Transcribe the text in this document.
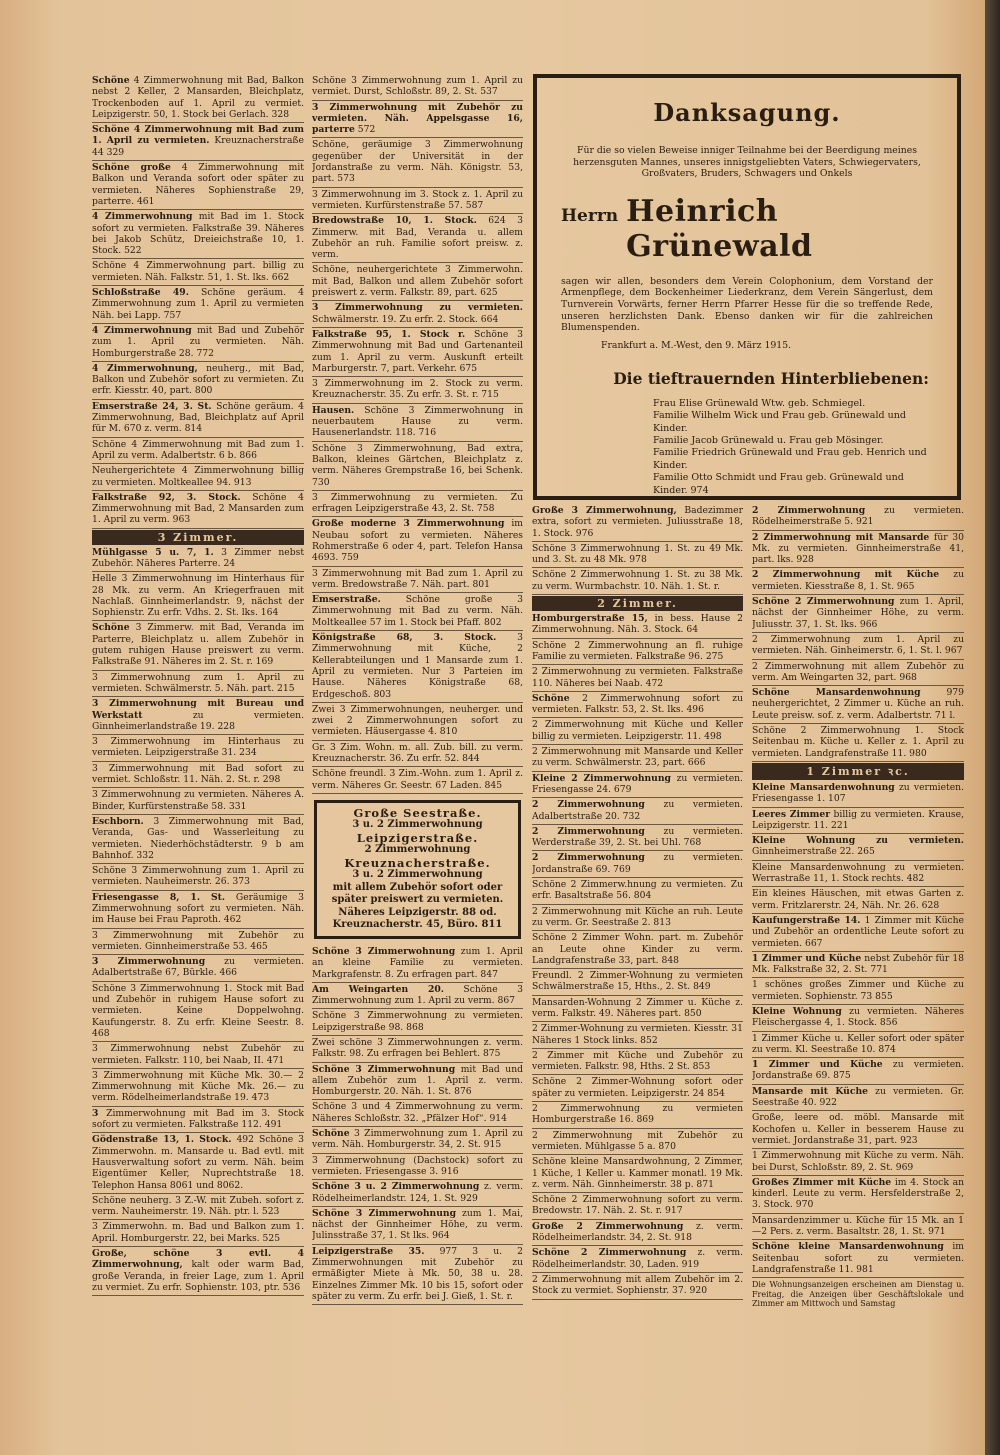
Danksagung.
Für die so vielen Beweise inniger Teilnahme bei der Beerdigung meines herzensguten Mannes, unseres innigstgeliebten Vaters, Schwiegervaters, Großvaters, Bruders, Schwagers und Onkels
Herrn Heinrich Grünewald
sagen wir allen, besonders dem Verein Colophonium, dem Vorstand der Armenpflege, dem Bockenheimer Liederkranz, dem Verein Sängerlust, dem Turnverein Vorwärts, ferner Herrn Pfarrer Hesse für die so treffende Rede, unseren herzlichsten Dank. Ebenso danken wir für die zahlreichen Blumenspenden.
Frankfurt a. M.-West, den 9. März 1915.
Die tieftrauernden Hinterbliebenen:
Frau Elise Grünewald Wtw. geb. Schmiegel.
Familie Wilhelm Wick und Frau geb. Grünewald und Kinder.
Familie Jacob Grünewald u. Frau geb Mösinger.
Familie Friedrich Grünewald und Frau geb. Henrich und Kinder.
Familie Otto Schmidt und Frau geb. Grünewald und Kinder. 974
Schöne 4 Zimmerwohnung mit Bad, Balkon nebst 2 Keller, 2 Mansarden, Bleichplatz, Trockenboden auf 1. April zu vermiet. Leipzigerstr. 50, 1. Stock bei Gerlach. 328
Schöne 4 Zimmerwohnung mit Bad zum 1. April zu vermieten. Kreuznacherstraße 44 329
Schöne große 4 Zimmerwohnung mit Balkon und Veranda sofort oder später zu vermieten. Näheres Sophienstraße 29, parterre. 461
4 Zimmerwohnung mit Bad im 1. Stock sofort zu vermieten. Falkstraße 39. Näheres bei Jakob Schütz, Dreieichstraße 10, 1. Stock. 522
Schöne 4 Zimmerwohnung part. billig zu vermieten. Näh. Falkstr. 51, 1. St. lks. 662
Schloßstraße 49. Schöne geräum. 4 Zimmerwohnung zum 1. April zu vermieten Näh. bei Lapp. 757
4 Zimmerwohnung mit Bad und Zubehör zum 1. April zu vermieten. Näh. Homburgerstraße 28. 772
4 Zimmerwohnung, neuherg., mit Bad, Balkon und Zubehör sofort zu vermieten. Zu erfr. Kiesstr. 40, part. 800
Emserstraße 24, 3. St. Schöne geräum. 4 Zimmerwohnung, Bad, Bleichplatz auf April für M. 670 z. verm. 814
Schöne 4 Zimmerwohnung mit Bad zum 1. April zu verm. Adalbertstr. 6 b. 866
Neuhergerichtete 4 Zimmerwohnung billig zu vermieten. Moltkeallee 94. 913
Falkstraße 92, 3. Stock. Schöne 4 Zimmerwohnung mit Bad, 2 Mansarden zum 1. April zu verm. 963
3 Zimmer.
Mühlgasse 5 u. 7, 1. 3 Zimmer nebst Zubehör. Näheres Parterre. 24
Helle 3 Zimmerwohnung im Hinterhaus für 28 Mk. zu verm. An Kriegerfrauen mit Nachlaß. Ginnheimerlandstr. 9, nächst der Sophienstr. Zu erfr. Vdhs. 2. St. lks. 164
Schöne 3 Zimmerw. mit Bad, Veranda im Parterre, Bleichplatz u. allem Zubehör in gutem ruhigen Hause preiswert zu verm. Falkstraße 91. Näheres im 2. St. r. 169
3 Zimmerwohnung zum 1. April zu vermieten. Schwälmerstr. 5. Näh. part. 215
3 Zimmerwohnung mit Bureau und Werkstatt	zu vermieten. Ginnheimerlandstraße 19. 228
3 Zimmerwohnung im Hinterhaus zu vermieten. Leipzigerstraße 31. 234
3 Zimmerwohnung mit Bad sofort zu vermiet. Schloßstr. 11. Näh. 2. St. r. 298
3 Zimmerwohnung zu vermieten. Näheres A. Binder, Kurfürstenstraße 58. 331
Eschborn. 3 Zimmerwohnung mit Bad, Veranda, Gas- und Wasserleitung zu vermieten. Niederhöchstädterstr. 9 b am Bahnhof. 332
Schöne 3 Zimmerwohnung zum 1. April zu vermieten. Nauheimerstr. 26. 373
Friesengasse 8, 1. St. Geräumige 3 Zimmerwohnung sofort zu vermieten. Näh. im Hause bei Frau Paproth. 462
3 Zimmerwohnung mit Zubehör zu vermieten. Ginnheimerstraße 53. 465
3 Zimmerwohnung zu vermieten. Adalbertstraße 67, Bürkle. 466
Schöne 3 Zimmerwohnung 1. Stock mit Bad und Zubehör in ruhigem Hause sofort zu vermieten. Keine Doppelwohng. Kaufungerstr. 8. Zu erfr. Kleine Seestr. 8. 468
3 Zimmerwohnung nebst Zubehör zu vermieten. Falkstr. 110, bei Naab, II. 471
3 Zimmerwohnung mit Küche Mk. 30.— 2 Zimmerwohnung mit Küche Mk. 26.— zu verm. Rödelheimerlandstraße 19. 473
3 Zimmerwohnung mit Bad im 3. Stock sofort zu vermieten. Falkstraße 112. 491
Gödenstraße 13, 1. Stock. 492 Schöne 3 Zimmerwohn. m. Mansarde u. Bad evtl. mit Hausverwaltung sofort zu verm. Näh. beim Eigentümer Keller, Nuprechtstraße 18. Telephon Hansa 8061 und 8062.
Schöne neuherg. 3 Z.-W. mit Zubeh. sofort z. verm. Nauheimerstr. 19. Näh. ptr. l. 523
3 Zimmerwohn. m. Bad und Balkon zum 1. April. Homburgerstr. 22, bei Marks. 525
Große, schöne 3 evtl. 4 Zimmerwohnung, kalt oder warm Bad, große Veranda, in freier Lage, zum 1. April zu vermiet. Zu erfr. Sophienstr. 103, ptr. 536
Schöne 3 Zimmerwohnung zum 1. April zu vermiet. Durst, Schloßstr. 89, 2. St. 537
3 Zimmerwohnung mit Zubehör zu vermieten. Näh. Appelsgasse 16, parterre 572
Schöne, geräumige 3 Zimmerwohnung gegenüber der Universität in der Jordanstraße zu verm. Näh. Königstr. 53, part. 573
3 Zimmerwohnung im 3. Stock z. 1. April zu vermieten. Kurfürstenstraße 57. 587
Bredowstraße 10, 1. Stock. 624 3 Zimmerw. mit Bad, Veranda u. allem Zubehör an ruh. Familie sofort preisw. z. verm.
Schöne, neuhergerichtete 3 Zimmerwohn. mit Bad, Balkon und allem Zubehör sofort preiswert z. verm. Falkstr. 89, part. 625
3 Zimmerwohnung zu vermieten. Schwälmerstr. 19. Zu erfr. 2. Stock. 664
Falkstraße 95, 1. Stock r. Schöne 3 Zimmerwohnung mit Bad und Gartenanteil zum 1. April zu verm. Auskunft erteilt Marburgerstr. 7, part. Verkehr. 675
3 Zimmerwohnung im 2. Stock zu verm. Kreuznacherstr. 35. Zu erfr. 3. St. r. 715
Hausen. Schöne 3 Zimmerwohnung in neuerbautem Hause zu verm. Hausenerlandstr. 118. 716
Schöne 3 Zimmerwohnung, Bad extra, Balkon, kleines Gärtchen, Bleichplatz z. verm. Näheres Grempstraße 16, bei Schenk. 730
3 Zimmerwohnung zu vermieten. Zu erfragen Leipzigerstraße 43, 2. St. 758
Große moderne 3 Zimmerwohnung im Neubau sofort zu vermieten. Näheres Rohmerstraße 6 oder 4, part. Telefon Hansa 4693. 759
3 Zimmerwohnung mit Bad zum 1. April zu verm. Bredowstraße 7. Näh. part. 801
Emserstraße.	Schöne große 3 Zimmerwohnung mit Bad zu verm. Näh. Moltkeallee 57 im 1. Stock bei Pfaff. 802
Königstraße 68, 3. Stock. 3 Zimmerwohnung mit Küche, 2 Kellerabteilungen und 1 Mansarde zum 1. April zu vermieten. Nur 3 Parteien im Hause. Näheres Königstraße 68, Erdgeschoß. 803
Zwei 3 Zimmerwohnungen, neuherger. und zwei 2 Zimmerwohnungen sofort zu vermieten. Häusergasse 4. 810
Gr. 3 Zim. Wohn. m. all. Zub. bill. zu verm. Kreuznacherstr. 36. Zu erfr. 52. 844
Schöne freundl. 3 Zim.-Wohn. zum 1. April z. verm. Näheres Gr. Seestr. 67 Laden. 845
Große Seestraße.
3 u. 2 Zimmerwohnung
Leipzigerstraße.
2 Zimmerwohnung
Kreuznacherstraße.
3 u. 2 Zimmerwohnung
mit allem Zubehör sofort oder später preiswert zu vermieten.
Näheres Leipzigerstr. 88 od. Kreuznacherstr. 45, Büro. 811
Schöne 3 Zimmerwohnung zum 1. April an kleine Familie zu vermieten. Markgrafenstr. 8. Zu erfragen part. 847
Am Weingarten 20. Schöne 3 Zimmerwohnung zum 1. April zu verm. 867
Schöne 3 Zimmerwohnung zu vermieten. Leipzigerstraße 98. 868
Zwei schöne 3 Zimmerwohnungen z. verm. Falkstr. 98. Zu erfragen bei Behlert. 875
Schöne 3 Zimmerwohnung mit Bad und allem Zubehör zum 1. April z. verm. Homburgerstr. 20. Näh. 1. St. 876
Schöne 3 und 4 Zimmerwohnung zu verm. Näheres Schloßstr. 32. „Pfälzer Hof“. 914
Schöne 3 Zimmerwohnung zum 1. April zu verm. Näh. Homburgerstr. 34, 2. St. 915
3 Zimmerwohnung (Dachstock) sofort zu vermieten. Friesengasse 3. 916
Schöne 3 u. 2 Zimmerwohnung z. verm. Rödelheimerlandstr. 124, 1. St. 929
Schöne 3 Zimmerwohnung zum 1. Mai, nächst der Ginnheimer Höhe, zu verm. Julinsstraße 37, 1. St lks. 964
Leipzigerstraße 35. 977 3 u. 2 Zimmerwohnungen mit Zubehör zu ermäßigter Miete à Mk. 50, 38 u. 28. Einzelnes Zimmer Mk. 10 bis 15, sofort oder später zu verm. Zu erfr. bei J. Gieß, 1. St. r.
Große 3 Zimmerwohnung, Badezimmer extra, sofort zu vermieten. Juliusstraße 18, 1. Stock. 976
Schöne 3 Zimmerwohnung 1. St. zu 49 Mk. und 3. St. zu 48 Mk. 978
Schöne 2 Zimmerwohnung 1. St. zu 38 Mk. zu verm. Wurmbachstr. 10. Näh. 1. St. r.
2 Zimmer.
Homburgerstraße 15, in bess. Hause 2 Zimmerwohnung. Näh. 3. Stock. 64
Schöne 2 Zimmerwohnung an fl. ruhige Familie zu vermieten. Falkstraße 96. 275
2 Zimmerwohnung zu vermieten. Falkstraße 110. Näheres bei Naab. 472
Schöne 2 Zimmerwohnung sofort zu vermieten. Falkstr. 53, 2. St. lks. 496
2 Zimmerwohnung mit Küche und Keller billig zu vermieten. Leipzigerstr. 11. 498
2 Zimmerwohnung mit Mansarde und Keller zu verm. Schwälmerstr. 23, part. 666
Kleine 2 Zimmerwohnung zu vermieten. Friesengasse 24. 679
2 Zimmerwohnung zu vermieten. Adalbertstraße 20. 732
2 Zimmerwohnung zu vermieten. Werderstraße 39, 2. St. bei Uhl. 768
2 Zimmerwohnung zu vermieten. Jordanstraße 69. 769
Schöne 2 Zimmerw.hnung zu vermieten. Zu erfr. Basaltstraße 56. 804
2 Zimmerwohnung mit Küche an ruh. Leute zu verm. Gr. Seestraße 2. 813
Schöne 2 Zimmer Wohn. part. m. Zubehör an Leute ohne Kinder zu verm. Landgrafenstraße 33, part. 848
Freundl. 2 Zimmer-Wohnung zu vermieten Schwälmerstraße 15, Hths., 2. St. 849
Mansarden-Wohnung 2 Zimmer u. Küche z. verm. Falkstr. 49. Näheres part. 850
2 Zimmer-Wohnung zu vermieten. Kiesstr. 31 Näheres 1 Stock links. 852
2 Zimmer mit Küche und Zubehör zu vermieten. Falkstr. 98, Hths. 2 St. 853
Schöne 2 Zimmer-Wohnung sofort oder später zu vermieten. Leipzigerstr. 24 854
2 Zimmerwohnung zu vermieten Homburgerstraße 16. 869
2 Zimmerwohnung mit Zubehör zu vermieten. Mühlgasse 5 a. 870
Schöne kleine Mansardwohnung, 2 Zimmer, 1 Küche, 1 Keller u. Kammer monatl. 19 Mk. z. verm. Näh. Ginnheimerstr. 38 p. 871
Schöne 2 Zimmerwohnung sofort zu verm. Bredowstr. 17. Näh. 2. St. r. 917
Große 2 Zimmerwohnung z. verm. Rödelheimerlandstr. 34, 2. St. 918
Schöne 2 Zimmerwohnung z. verm. Rödelheimerlandstr. 30, Laden. 919
2 Zimmerwohnung mit allem Zubehör im 2. Stock zu vermiet. Sophienstr. 37. 920
2 Zimmerwohnung zu vermieten. Rödelheimerstraße 5. 921
2 Zimmerwohnung mit Mansarde für 30 Mk. zu vermieten. Ginnheimerstraße 41, part. lks. 928
2 Zimmerwohnung mit Küche zu vermieten. Kiesstraße 8, 1. St. 965
Schöne 2 Zimmerwohnung zum 1. April, nächst der Ginnheimer Höhe, zu verm. Juliusstr. 37, 1. St. lks. 966
2 Zimmerwohnung zum 1. April zu vermieten. Näh. Ginheimerstr. 6, 1. St. l. 967
2 Zimmerwohnung mit allem Zubehör zu verm. Am Weingarten 32, part. 968
Schöne Mansardenwohnung	979 neuhergerichtet, 2 Zimmer u. Küche an ruh. Leute preisw. sof. z. verm. Adalbertstr. 71 l.
Schöne 2 Zimmerwohnung 1. Stock Seitenbau m. Küche u. Keller z. 1. April zu vermieten. Landgrafenstraße 11. 980
1 Zimmer ꝛc.
Kleine Mansardenwohnung zu vermieten. Friesengasse 1. 107
Leeres Zimmer billig zu vermieten. Krause, Leipzigerstr. 11. 221
Kleine Wohnung zu vermieten. Ginnheimerstraße 22. 265
Kleine Mansardenwohnung zu vermieten. Werrastraße 11, 1. Stock rechts. 482
Ein kleines Häuschen, mit etwas Garten z. verm. Fritzlarerstr. 24, Näh. Nr. 26. 628
Kaufungerstraße 14. 1 Zimmer mit Küche und Zubehör an ordentliche Leute sofort zu vermieten. 667
1 Zimmer und Küche nebst Zubehör für 18 Mk. Falkstraße 32, 2. St. 771
1 schönes großes Zimmer und Küche zu vermieten. Sophienstr. 73 855
Kleine Wohnung zu vermieten. Näheres Fleischergasse 4, 1. Stock. 856
1 Zimmer Küche u. Keller sofort oder später zu verm. Kl. Seestraße 10. 874
1 Zimmer und Küche zu vermieten. Jordanstraße 69. 875
Mansarde mit Küche zu vermieten. Gr. Seestraße 40. 922
Große, leere od. möbl. Mansarde mit Kochofen u. Keller in besserem Hause zu vermiet. Jordanstraße 31, part. 923
1 Zimmerwohnung mit Küche zu verm. Näh. bei Durst, Schloßstr. 89, 2. St. 969
Großes Zimmer mit Küche im 4. Stock an kinderl. Leute zu verm. Hersfelderstraße 2, 3. Stock. 970
Mansardenzimmer u. Küche für 15 Mk. an 1—2 Pers. z. verm. Basaltstr. 28, 1. St. 971
Schöne kleine Mansardenwohnung im Seitenbau sofort zu vermieten. Landgrafenstraße 11. 981
Die Wohnungsanzeigen erscheinen am Dienstag u. Freitag, die Anzeigen über Geschäftslokale und Zimmer am Mittwoch und Samstag
